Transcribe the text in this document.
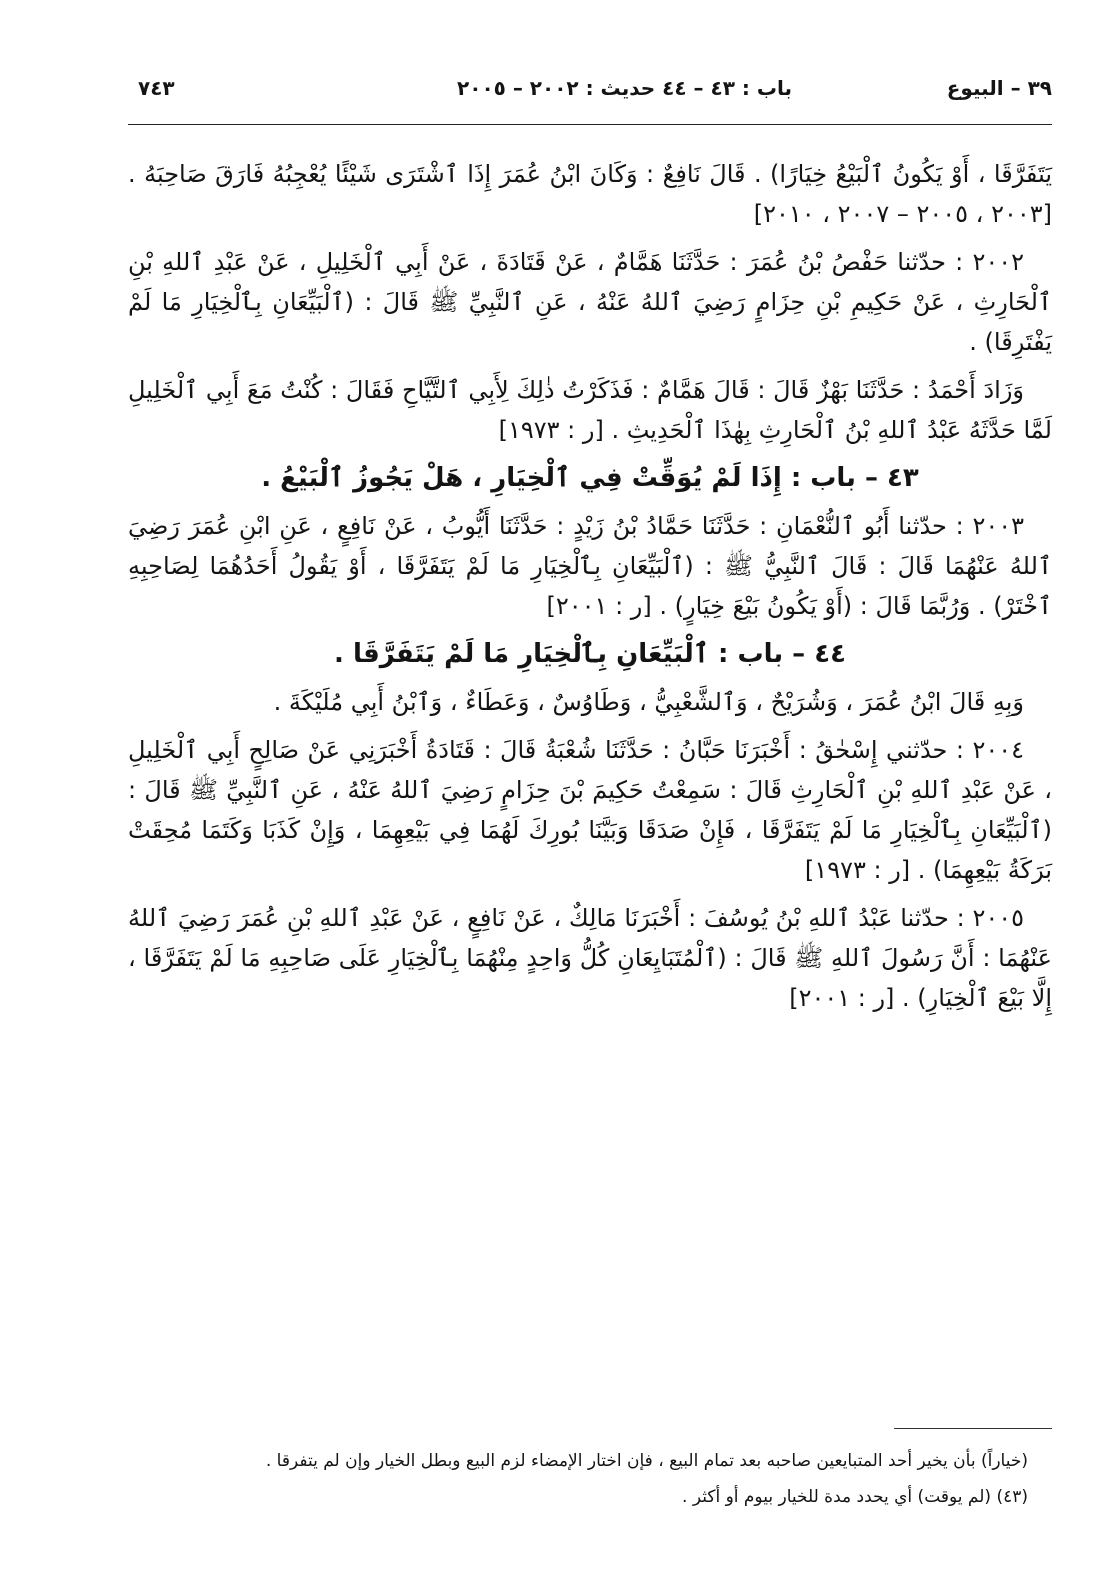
٣٩ – البيوع
باب : ٤٣ – ٤٤ حديث : ٢٠٠٢ – ٢٠٠٥
٧٤٣

يَتَفَرَّقَا ، أَوْ يَكُونُ ٱلْبَيْعُ خِيَارًا) . قَالَ نَافِعٌ : وَكَانَ ابْنُ عُمَرَ إِذَا ٱشْتَرَى شَيْئًا يُعْجِبُهُ فَارَقَ صَاحِبَهُ . [٢٠٠٣ ، ٢٠٠٥ – ٢٠٠٧ ، ٢٠١٠]

٢٠٠٢ : حدّثنا حَفْصُ بْنُ عُمَرَ : حَدَّثَنَا هَمَّامٌ ، عَنْ قَتَادَةَ ، عَنْ أَبِي ٱلْخَلِيلِ ، عَنْ عَبْدِ ٱللهِ بْنِ ٱلْحَارِثِ ، عَنْ حَكِيمِ بْنِ حِزَامٍ رَضِيَ ٱللهُ عَنْهُ ، عَنِ ٱلنَّبِيِّ ﷺ قَالَ : (ٱلْبَيِّعَانِ بِٱلْخِيَارِ مَا لَمْ يَفْتَرِقَا) .

وَزَادَ أَحْمَدُ : حَدَّثَنَا بَهْزٌ قَالَ : قَالَ هَمَّامٌ : فَذَكَرْتُ ذٰلِكَ لِأَبِي ٱلتَّيَّاحِ فَقَالَ : كُنْتُ مَعَ أَبِي ٱلْخَلِيلِ لَمَّا حَدَّثَهُ عَبْدُ ٱللهِ بْنُ ٱلْحَارِثِ بِهٰذَا ٱلْحَدِيثِ . [ر : ١٩٧٣]

٤٣ – باب : إِذَا لَمْ يُوَقِّتْ فِي ٱلْخِيَارِ ، هَلْ يَجُوزُ ٱلْبَيْعُ .

٢٠٠٣ : حدّثنا أَبُو ٱلنُّعْمَانِ : حَدَّثَنَا حَمَّادُ بْنُ زَيْدٍ : حَدَّثَنَا أَيُّوبُ ، عَنْ نَافِعٍ ، عَنِ ابْنِ عُمَرَ رَضِيَ ٱللهُ عَنْهُمَا قَالَ : قَالَ ٱلنَّبِيُّ ﷺ : (ٱلْبَيِّعَانِ بِٱلْخِيَارِ مَا لَمْ يَتَفَرَّقَا ، أَوْ يَقُولُ أَحَدُهُمَا لِصَاحِبِهِ ٱخْتَرْ) . وَرُبَّمَا قَالَ : (أَوْ يَكُونُ بَيْعَ خِيَارٍ) . [ر : ٢٠٠١]

٤٤ – باب : ٱلْبَيِّعَانِ بِٱلْخِيَارِ مَا لَمْ يَتَفَرَّقَا .

وَبِهِ قَالَ ابْنُ عُمَرَ ، وَشُرَيْحٌ ، وَٱلشَّعْبِيُّ ، وَطَاوُسٌ ، وَعَطَاءٌ ، وَٱبْنُ أَبِي مُلَيْكَةَ .

٢٠٠٤ : حدّثني إِسْحٰقُ : أَخْبَرَنَا حَبَّانُ : حَدَّثَنَا شُعْبَةُ قَالَ : قَتَادَةُ أَخْبَرَنِي عَنْ صَالِحٍ أَبِي ٱلْخَلِيلِ ، عَنْ عَبْدِ ٱللهِ بْنِ ٱلْحَارِثِ قَالَ : سَمِعْتُ حَكِيمَ بْنَ حِزَامٍ رَضِيَ ٱللهُ عَنْهُ ، عَنِ ٱلنَّبِيِّ ﷺ قَالَ : (ٱلْبَيِّعَانِ بِٱلْخِيَارِ مَا لَمْ يَتَفَرَّقَا ، فَإِنْ صَدَقَا وَبَيَّنَا بُورِكَ لَهُمَا فِي بَيْعِهِمَا ، وَإِنْ كَذَبَا وَكَتَمَا مُحِقَتْ بَرَكَةُ بَيْعِهِمَا) . [ر : ١٩٧٣]

٢٠٠٥ : حدّثنا عَبْدُ ٱللهِ بْنُ يُوسُفَ : أَخْبَرَنَا مَالِكٌ ، عَنْ نَافِعٍ ، عَنْ عَبْدِ ٱللهِ بْنِ عُمَرَ رَضِيَ ٱللهُ عَنْهُمَا : أَنَّ رَسُولَ ٱللهِ ﷺ قَالَ : (ٱلْمُتَبَايِعَانِ كُلُّ وَاحِدٍ مِنْهُمَا بِٱلْخِيَارِ عَلَى صَاحِبِهِ مَا لَمْ يَتَفَرَّقَا ، إِلَّا بَيْعَ ٱلْخِيَارِ) . [ر : ٢٠٠١]

(خياراً) بأن يخير أحد المتبايعين صاحبه بعد تمام البيع ، فإن اختار الإمضاء لزم البيع وبطل الخيار وإن لم يتفرقا .

(٤٣) (لم يوقت) أي يحدد مدة للخيار بيوم أو أكثر .
